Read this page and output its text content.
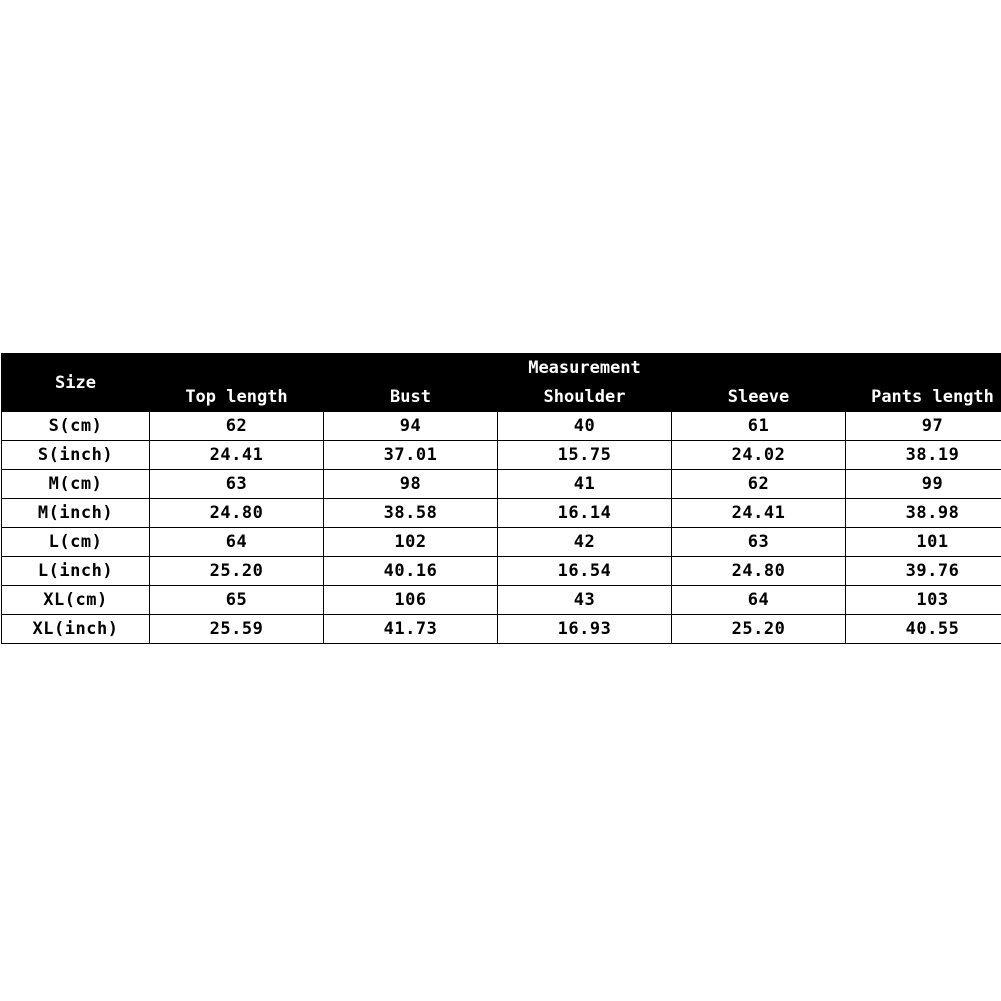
Size	Measurement				
	Top length	Bust	Shoulder	Sleeve	Pants length
S(cm)	62	94	40	61	97
S(inch)	24.41	37.01	15.75	24.02	38.19
M(cm)	63	98	41	62	99
M(inch)	24.80	38.58	16.14	24.41	38.98
L(cm)	64	102	42	63	101
L(inch)	25.20	40.16	16.54	24.80	39.76
XL(cm)	65	106	43	64	103
XL(inch)	25.59	41.73	16.93	25.20	40.55
